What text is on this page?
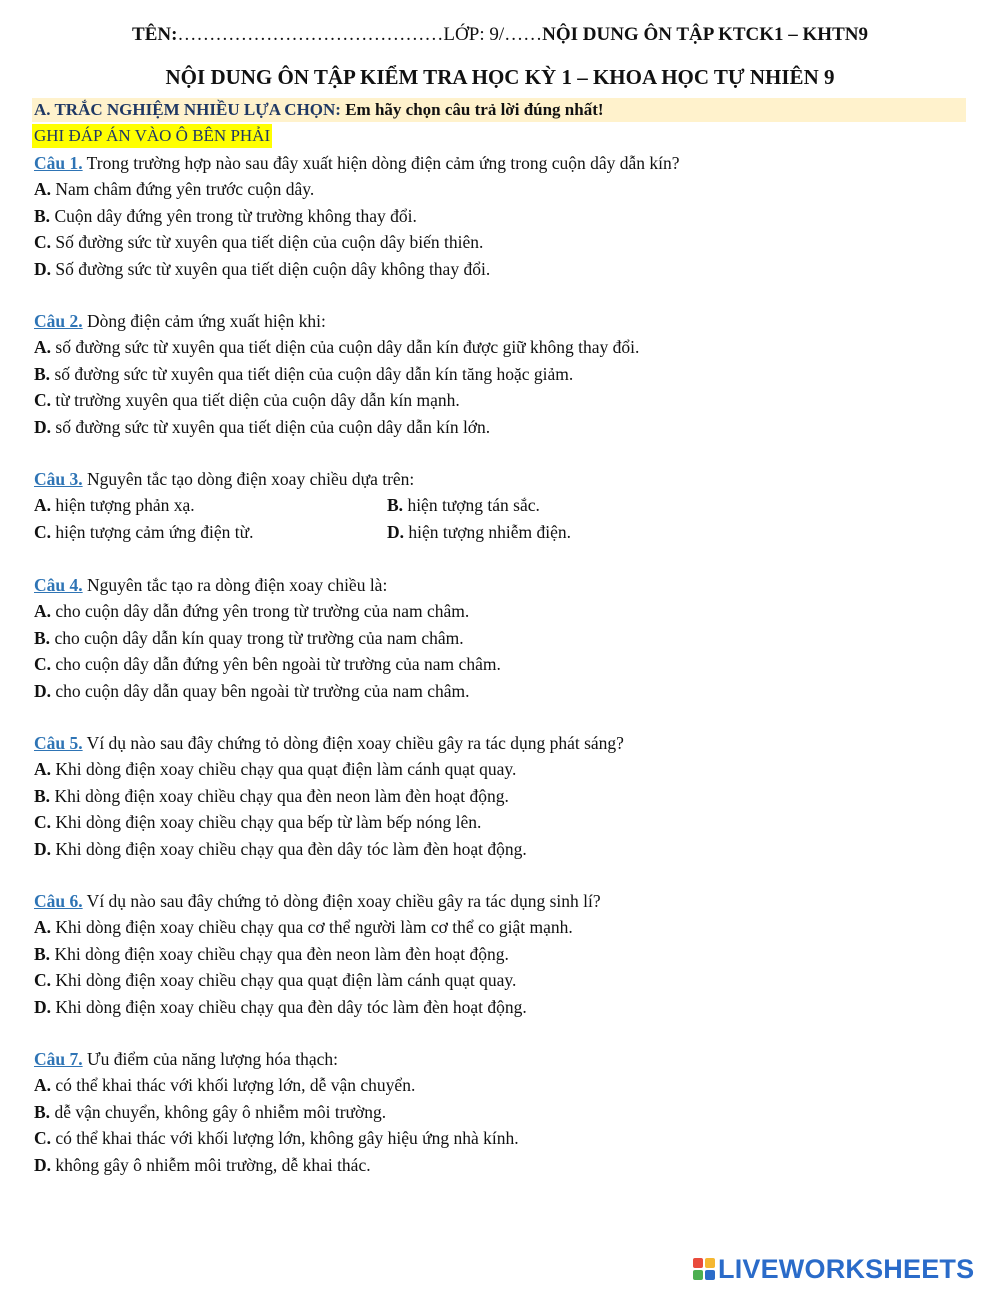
TÊN:……………………………………LỚP: 9/……NỘI DUNG ÔN TẬP KTCK1 – KHTN9
NỘI DUNG ÔN TẬP KIỂM TRA HỌC KỲ 1 – KHOA HỌC TỰ NHIÊN 9
A. TRẮC NGHIỆM NHIỀU LỰA CHỌN: Em hãy chọn câu trả lời đúng nhất!
GHI ĐÁP ÁN VÀO Ô BÊN PHẢI
Câu 1. Trong trường hợp nào sau đây xuất hiện dòng điện cảm ứng trong cuộn dây dẫn kín?
A. Nam châm đứng yên trước cuộn dây.
B. Cuộn dây đứng yên trong từ trường không thay đổi.
C. Số đường sức từ xuyên qua tiết diện của cuộn dây biến thiên.
D. Số đường sức từ xuyên qua tiết diện cuộn dây không thay đổi.
Câu 2. Dòng điện cảm ứng xuất hiện khi:
A. số đường sức từ xuyên qua tiết diện của cuộn dây dẫn kín được giữ không thay đổi.
B. số đường sức từ xuyên qua tiết diện của cuộn dây dẫn kín tăng hoặc giảm.
C. từ trường xuyên qua tiết diện của cuộn dây dẫn kín mạnh.
D. số đường sức từ xuyên qua tiết diện của cuộn dây dẫn kín lớn.
Câu 3. Nguyên tắc tạo dòng điện xoay chiều dựa trên:
A. hiện tượng phản xạ.	B. hiện tượng tán sắc.
C. hiện tượng cảm ứng điện từ.	D. hiện tượng nhiễm điện.
Câu 4. Nguyên tắc tạo ra dòng điện xoay chiều là:
A. cho cuộn dây dẫn đứng yên trong từ trường của nam châm.
B. cho cuộn dây dẫn kín quay trong từ trường của nam châm.
C. cho cuộn dây dẫn đứng yên bên ngoài từ trường của nam châm.
D. cho cuộn dây dẫn quay bên ngoài từ trường của nam châm.
Câu 5. Ví dụ nào sau đây chứng tỏ dòng điện xoay chiều gây ra tác dụng phát sáng?
A. Khi dòng điện xoay chiều chạy qua quạt điện làm cánh quạt quay.
B. Khi dòng điện xoay chiều chạy qua đèn neon làm đèn hoạt động.
C. Khi dòng điện xoay chiều chạy qua bếp từ làm bếp nóng lên.
D. Khi dòng điện xoay chiều chạy qua đèn dây tóc làm đèn hoạt động.
Câu 6. Ví dụ nào sau đây chứng tỏ dòng điện xoay chiều gây ra tác dụng sinh lí?
A. Khi dòng điện xoay chiều chạy qua cơ thể người làm cơ thể co giật mạnh.
B. Khi dòng điện xoay chiều chạy qua đèn neon làm đèn hoạt động.
C. Khi dòng điện xoay chiều chạy qua quạt điện làm cánh quạt quay.
D. Khi dòng điện xoay chiều chạy qua đèn dây tóc làm đèn hoạt động.
Câu 7. Ưu điểm của năng lượng hóa thạch:
A. có thể khai thác với khối lượng lớn, dễ vận chuyển.
B. dễ vận chuyển, không gây ô nhiễm môi trường.
C. có thể khai thác với khối lượng lớn, không gây hiệu ứng nhà kính.
D. không gây ô nhiễm môi trường, dễ khai thác.
LIVEWORKSHEETS
